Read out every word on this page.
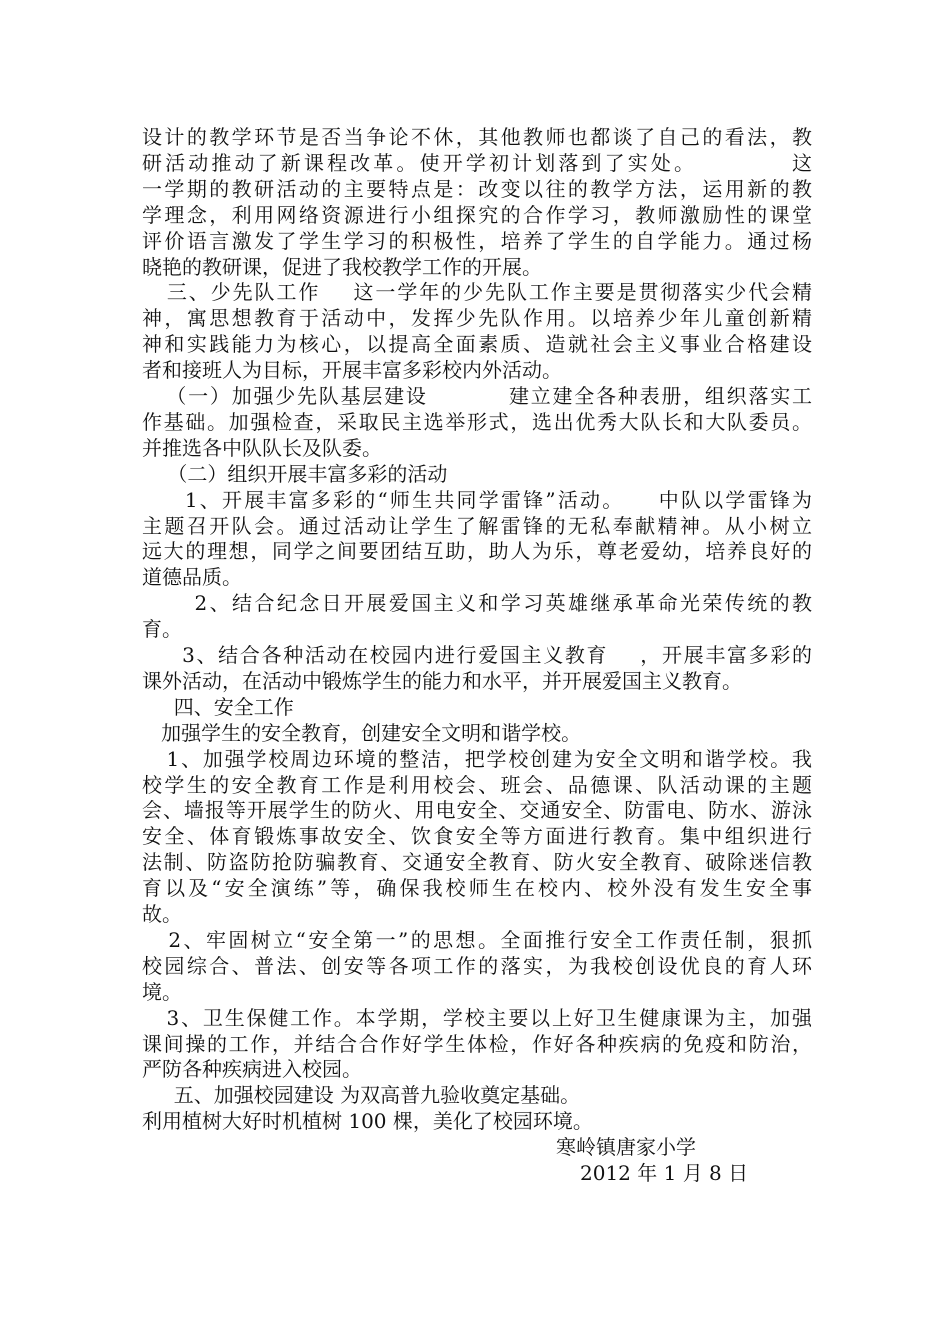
设计的教学环节是否当争论不休，其他教师也都谈了自己的看法，教
研活动推动了新课程改革。使开学初计划落到了实处。          这
一学期的教研活动的主要特点是：改变以往的教学方法，运用新的教
学理念，利用网络资源进行小组探究的合作学习，教师激励性的课堂
评价语言激发了学生学习的积极性，培养了学生的自学能力。通过杨
晓艳的教研课，促进了我校教学工作的开展。
三、少先队工作    这一学年的少先队工作主要是贯彻落实少代会精
神，寓思想教育于活动中，发挥少先队作用。以培养少年儿童创新精
神和实践能力为核心，以提高全面素质、造就社会主义事业合格建设
者和接班人为目标，开展丰富多彩校内外活动。
（一）加强少先队基层建设          建立建全各种表册，组织落实工
作基础。加强检查，采取民主选举形式，选出优秀大队长和大队委员。
并推选各中队队长及队委。
（二）组织开展丰富多彩的活动
1、开展丰富多彩的“师生共同学雷锋”活动。    中队以学雷锋为
主题召开队会。通过活动让学生了解雷锋的无私奉献精神。从小树立
远大的理想，同学之间要团结互助，助人为乐，尊老爱幼，培养良好的
道德品质。
2、结合纪念日开展爱国主义和学习英雄继承革命光荣传统的教
育。
3、结合各种活动在校园内进行爱国主义教育    ，开展丰富多彩的
课外活动，在活动中锻炼学生的能力和水平，并开展爱国主义教育。
四、安全工作
加强学生的安全教育，创建安全文明和谐学校。
1、加强学校周边环境的整洁，把学校创建为安全文明和谐学校。我
校学生的安全教育工作是利用校会、班会、品德课、队活动课的主题
会、墙报等开展学生的防火、用电安全、交通安全、防雷电、防水、游泳
安全、体育锻炼事故安全、饮食安全等方面进行教育。集中组织进行
法制、防盗防抢防骗教育、交通安全教育、防火安全教育、破除迷信教
育以及“安全演练”等，确保我校师生在校内、校外没有发生安全事
故。
2、牢固树立“安全第一”的思想。全面推行安全工作责任制，狠抓
校园综合、普法、创安等各项工作的落实，为我校创设优良的育人环
境。
3、卫生保健工作。本学期，学校主要以上好卫生健康课为主，加强
课间操的工作，并结合合作好学生体检，作好各种疾病的免疫和防治，
严防各种疾病进入校园。
五、加强校园建设 为双高普九验收奠定基础。
利用植树大好时机植树 100 棵，美化了校园环境。
寒岭镇唐家小学
2012 年 1 月 8 日
